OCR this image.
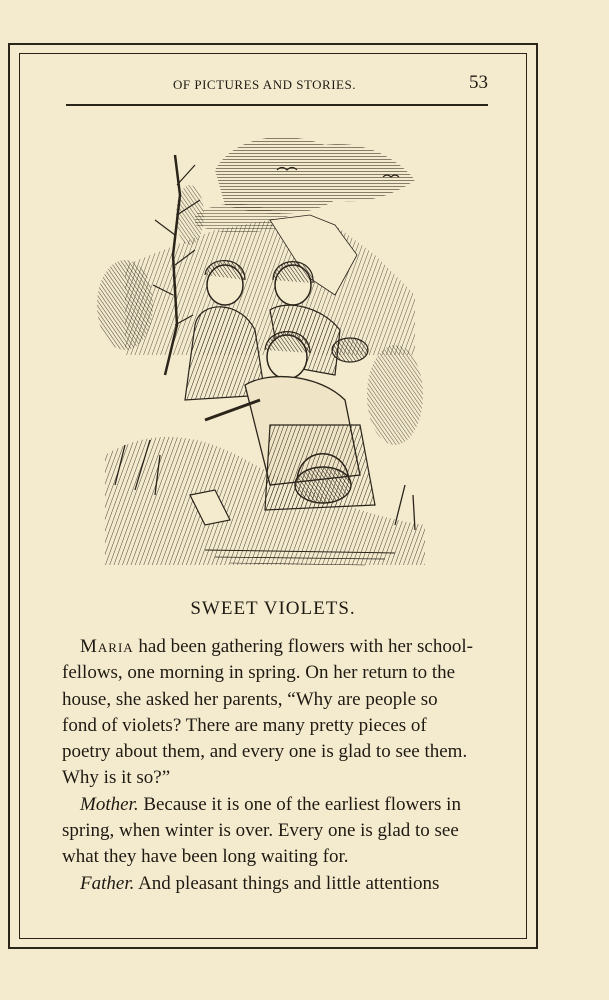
OF PICTURES AND STORIES.	53
SWEET VIOLETS.
Maria had been gathering flowers with her school-
fellows, one morning in spring. On her return to the
house, she asked her parents, “Why are people so
fond of violets? There are many pretty pieces of
poetry about them, and every one is glad to see them.
Why is it so?”
Mother. Because it is one of the earliest flowers in
spring, when winter is over. Every one is glad to see
what they have been long waiting for.
Father. And pleasant things and little attentions
